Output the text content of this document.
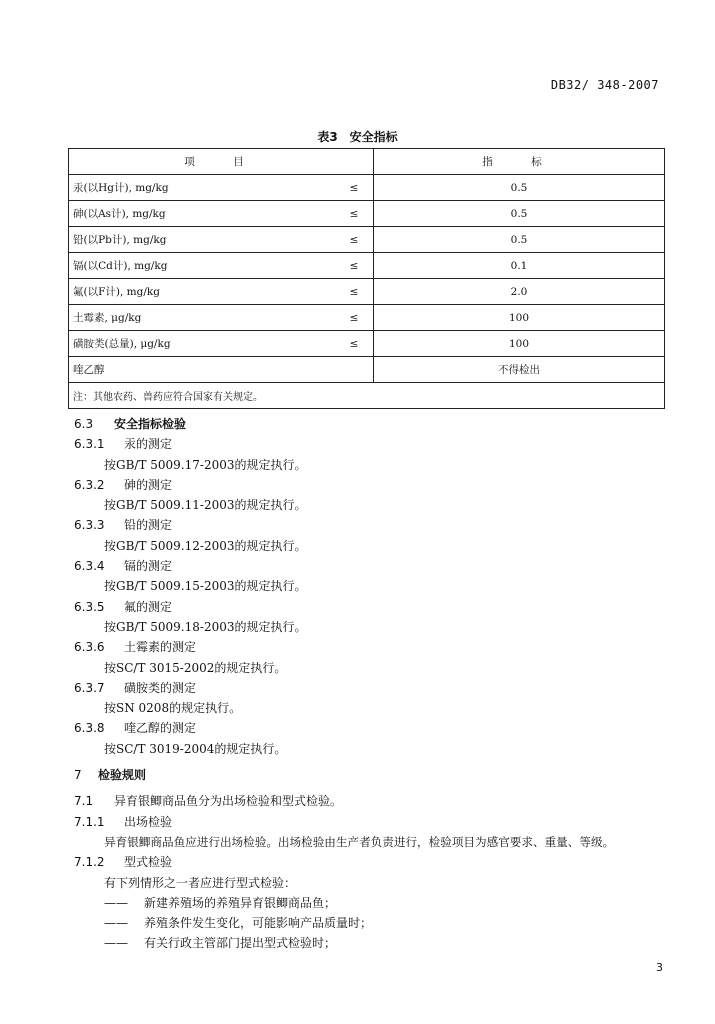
DB32/ 348-2007
表3　安全指标
项　目		指　标
汞(以Hg计), mg/kg	≤	0.5
砷(以As计), mg/kg	≤	0.5
铅(以Pb计), mg/kg	≤	0.5
镉(以Cd计), mg/kg	≤	0.1
氟(以F计), mg/kg	≤	2.0
土霉素, μg/kg	≤	100
磺胺类(总量), μg/kg	≤	100
喹乙醇		不得检出
注：其他农药、兽药应符合国家有关规定。		
6.3 安全指标检验
6.3.1 汞的测定
按GB/T 5009.17-2003的规定执行。
6.3.2 砷的测定
按GB/T 5009.11-2003的规定执行。
6.3.3 铅的测定
按GB/T 5009.12-2003的规定执行。
6.3.4 镉的测定
按GB/T 5009.15-2003的规定执行。
6.3.5 氟的测定
按GB/T 5009.18-2003的规定执行。
6.3.6 土霉素的测定
按SC/T 3015-2002的规定执行。
6.3.7 磺胺类的测定
按SN 0208的规定执行。
6.3.8 喹乙醇的测定
按SC/T 3019-2004的规定执行。
7 检验规则
7.1 异育银鲫商品鱼分为出场检验和型式检验。
7.1.1 出场检验
异育银鲫商品鱼应进行出场检验。出场检验由生产者负责进行，检验项目为感官要求、重量、等级。
7.1.2 型式检验
有下列情形之一者应进行型式检验：
—— 新建养殖场的养殖异育银鲫商品鱼；
—— 养殖条件发生变化，可能影响产品质量时；
—— 有关行政主管部门提出型式检验时；
3
